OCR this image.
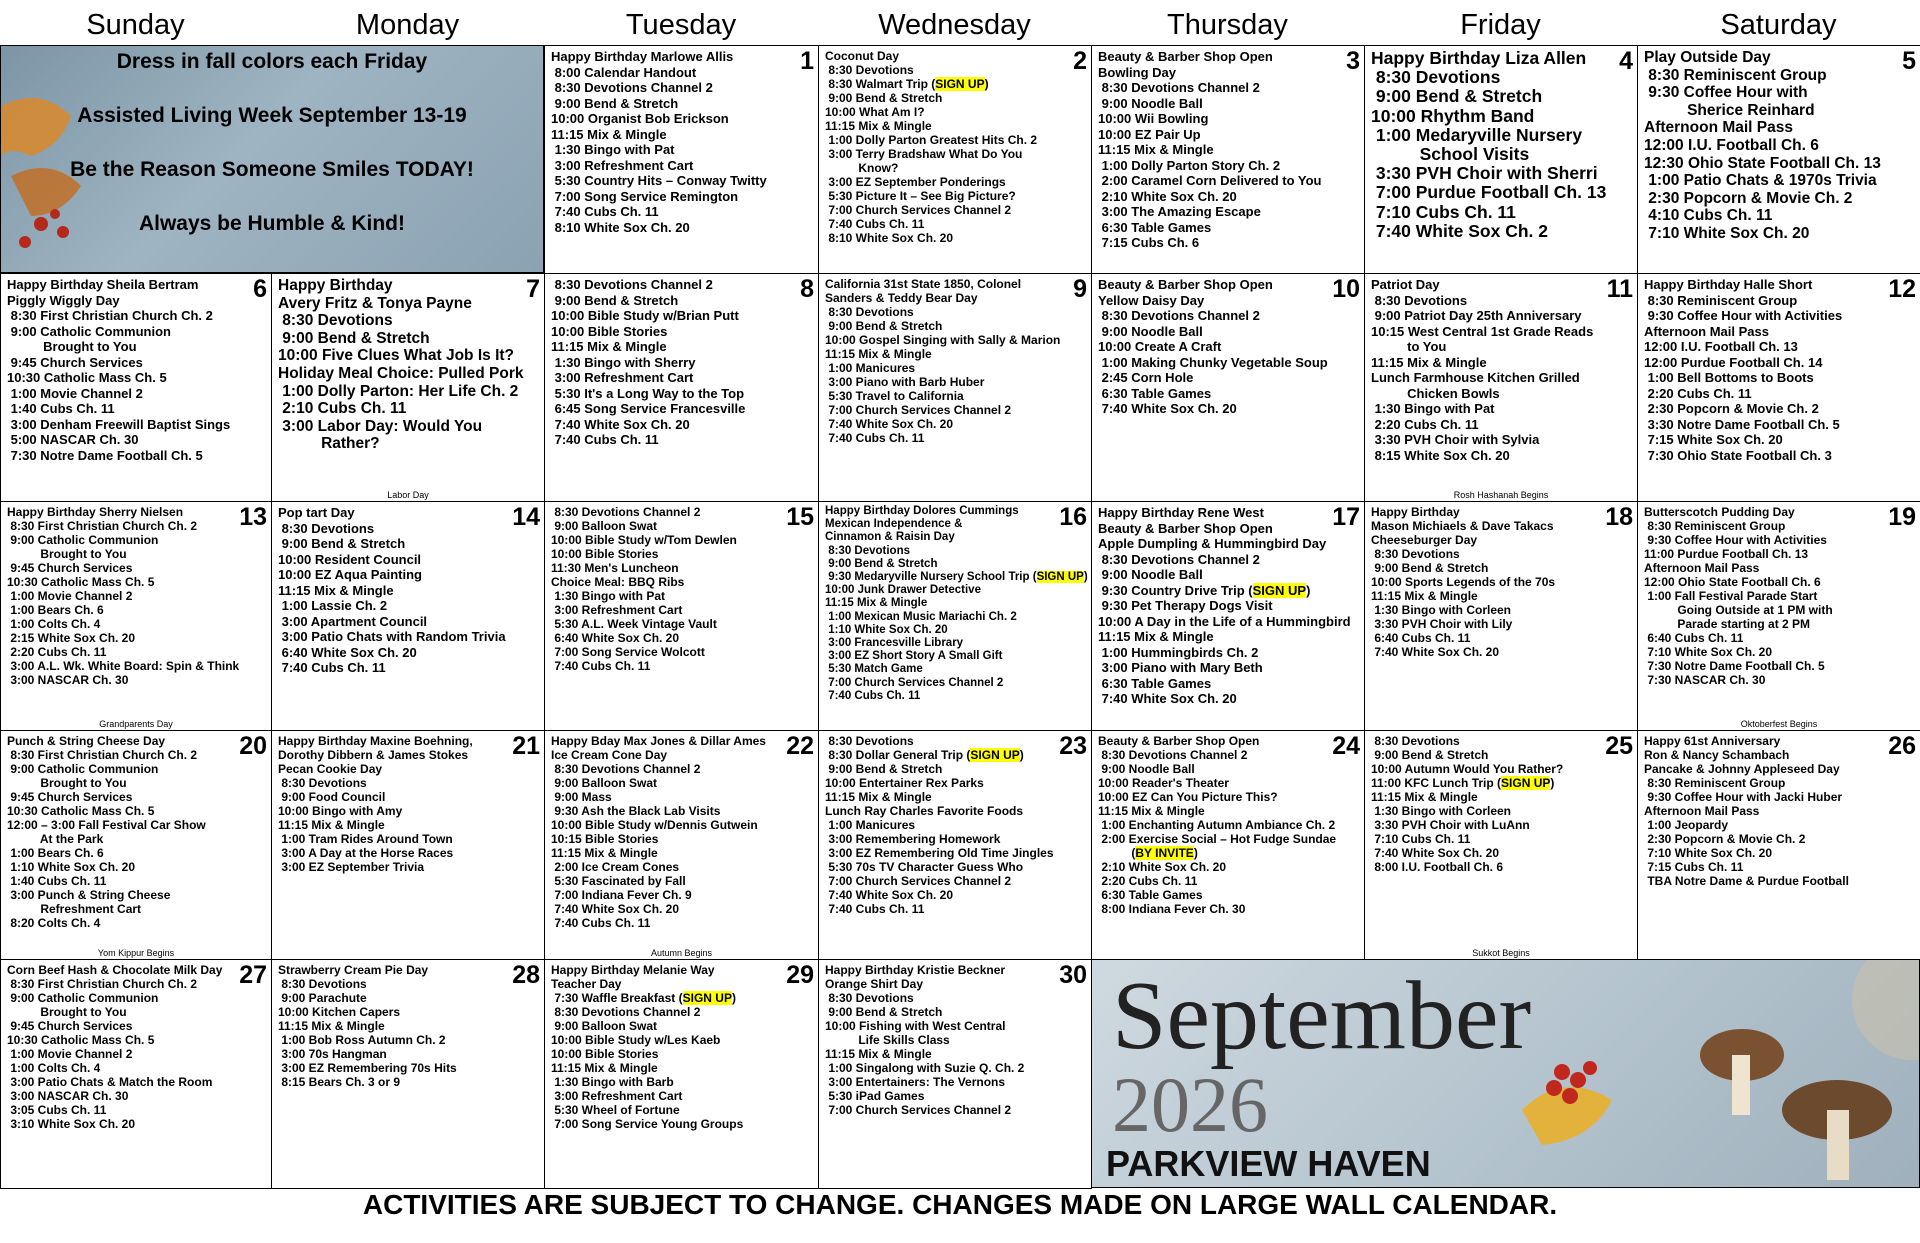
Sunday	Monday	Tuesday	Wednesday	Thursday	Friday	Saturday
Dress in fall colors each Friday
Assisted Living Week September 13-19
Be the Reason Someone Smiles TODAY!
Always be Humble & Kind!
1
Happy Birthday Marlowe Allis
8:00 Calendar Handout
8:30 Devotions Channel 2
9:00 Bend & Stretch
10:00 Organist Bob Erickson
11:15 Mix & Mingle
1:30 Bingo with Pat
3:00 Refreshment Cart
5:30 Country Hits – Conway Twitty
7:00 Song Service Remington
7:40 Cubs Ch. 11
8:10 White Sox Ch. 20
2
Coconut Day
8:30 Devotions
8:30 Walmart Trip (SIGN UP)
9:00 Bend & Stretch
10:00 What Am I?
11:15 Mix & Mingle
1:00 Dolly Parton Greatest Hits Ch. 2
3:00 Terry Bradshaw What Do You
Know?
3:00 EZ September Ponderings
5:30 Picture It – See Big Picture?
7:00 Church Services Channel 2
7:40 Cubs Ch. 11
8:10 White Sox Ch. 20
3
Beauty & Barber Shop Open
Bowling Day
8:30 Devotions Channel 2
9:00 Noodle Ball
10:00 Wii Bowling
10:00 EZ Pair Up
11:15 Mix & Mingle
1:00 Dolly Parton Story Ch. 2
2:00 Caramel Corn Delivered to You
2:10 White Sox Ch. 20
3:00 The Amazing Escape
6:30 Table Games
7:15 Cubs Ch. 6
4
Happy Birthday Liza Allen
8:30 Devotions
9:00 Bend & Stretch
10:00 Rhythm Band
1:00 Medaryville Nursery
School Visits
3:30 PVH Choir with Sherri
7:00 Purdue Football Ch. 13
7:10 Cubs Ch. 11
7:40 White Sox Ch. 2
5
Play Outside Day
8:30 Reminiscent Group
9:30 Coffee Hour with
Sherice Reinhard
Afternoon Mail Pass
12:00 I.U. Football Ch. 6
12:30 Ohio State Football Ch. 13
1:00 Patio Chats & 1970s Trivia
2:30 Popcorn & Movie Ch. 2
4:10 Cubs Ch. 11
7:10 White Sox Ch. 20
6
Happy Birthday Sheila Bertram
Piggly Wiggly Day
8:30 First Christian Church Ch. 2
9:00 Catholic Communion
Brought to You
9:45 Church Services
10:30 Catholic Mass Ch. 5
1:00 Movie Channel 2
1:40 Cubs Ch. 11
3:00 Denham Freewill Baptist Sings
5:00 NASCAR Ch. 30
7:30 Notre Dame Football Ch. 5
7
Happy Birthday
Avery Fritz & Tonya Payne
8:30 Devotions
9:00 Bend & Stretch
10:00 Five Clues What Job Is It?
Holiday Meal Choice: Pulled Pork
1:00 Dolly Parton: Her Life Ch. 2
2:10 Cubs Ch. 11
3:00 Labor Day: Would You
Rather?
Labor Day
8
8:30 Devotions Channel 2
9:00 Bend & Stretch
10:00 Bible Study w/Brian Putt
10:00 Bible Stories
11:15 Mix & Mingle
1:30 Bingo with Sherry
3:00 Refreshment Cart
5:30 It's a Long Way to the Top
6:45 Song Service Francesville
7:40 White Sox Ch. 20
7:40 Cubs Ch. 11
9
California 31st State 1850, Colonel
Sanders & Teddy Bear Day
8:30 Devotions
9:00 Bend & Stretch
10:00 Gospel Singing with Sally & Marion
11:15 Mix & Mingle
1:00 Manicures
3:00 Piano with Barb Huber
5:30 Travel to California
7:00 Church Services Channel 2
7:40 White Sox Ch. 20
7:40 Cubs Ch. 11
10
Beauty & Barber Shop Open
Yellow Daisy Day
8:30 Devotions Channel 2
9:00 Noodle Ball
10:00 Create A Craft
1:00 Making Chunky Vegetable Soup
2:45 Corn Hole
6:30 Table Games
7:40 White Sox Ch. 20
11
Patriot Day
8:30 Devotions
9:00 Patriot Day 25th Anniversary
10:15 West Central 1st Grade Reads
to You
11:15 Mix & Mingle
Lunch Farmhouse Kitchen Grilled
Chicken Bowls
1:30 Bingo with Pat
2:20 Cubs Ch. 11
3:30 PVH Choir with Sylvia
8:15 White Sox Ch. 20
Rosh Hashanah Begins
12
Happy Birthday Halle Short
8:30 Reminiscent Group
9:30 Coffee Hour with Activities
Afternoon Mail Pass
12:00 I.U. Football Ch. 13
12:00 Purdue Football Ch. 14
1:00 Bell Bottoms to Boots
2:20 Cubs Ch. 11
2:30 Popcorn & Movie Ch. 2
3:30 Notre Dame Football Ch. 5
7:15 White Sox Ch. 20
7:30 Ohio State Football Ch. 3
13
Happy Birthday Sherry Nielsen
8:30 First Christian Church Ch. 2
9:00 Catholic Communion
Brought to You
9:45 Church Services
10:30 Catholic Mass Ch. 5
1:00 Movie Channel 2
1:00 Bears Ch. 6
1:00 Colts Ch. 4
2:15 White Sox Ch. 20
2:20 Cubs Ch. 11
3:00 A.L. Wk. White Board: Spin & Think
3:00 NASCAR Ch. 30
Grandparents Day
14
Pop tart Day
8:30 Devotions
9:00 Bend & Stretch
10:00 Resident Council
10:00 EZ Aqua Painting
11:15 Mix & Mingle
1:00 Lassie Ch. 2
3:00 Apartment Council
3:00 Patio Chats with Random Trivia
6:40 White Sox Ch. 20
7:40 Cubs Ch. 11
15
8:30 Devotions Channel 2
9:00 Balloon Swat
10:00 Bible Study w/Tom Dewlen
10:00 Bible Stories
11:30 Men's Luncheon
Choice Meal: BBQ Ribs
1:30 Bingo with Pat
3:00 Refreshment Cart
5:30 A.L. Week Vintage Vault
6:40 White Sox Ch. 20
7:00 Song Service Wolcott
7:40 Cubs Ch. 11
16
Happy Birthday Dolores Cummings
Mexican Independence &
Cinnamon & Raisin Day
8:30 Devotions
9:00 Bend & Stretch
9:30 Medaryville Nursery School Trip (SIGN UP)
10:00 Junk Drawer Detective
11:15 Mix & Mingle
1:00 Mexican Music Mariachi Ch. 2
1:10 White Sox Ch. 20
3:00 Francesville Library
3:00 EZ Short Story A Small Gift
5:30 Match Game
7:00 Church Services Channel 2
7:40 Cubs Ch. 11
17
Happy Birthday Rene West
Beauty & Barber Shop Open
Apple Dumpling & Hummingbird Day
8:30 Devotions Channel 2
9:00 Noodle Ball
9:30 Country Drive Trip (SIGN UP)
9:30 Pet Therapy Dogs Visit
10:00 A Day in the Life of a Hummingbird
11:15 Mix & Mingle
1:00 Hummingbirds Ch. 2
3:00 Piano with Mary Beth
6:30 Table Games
7:40 White Sox Ch. 20
18
Happy Birthday
Mason Michiaels & Dave Takacs
Cheeseburger Day
8:30 Devotions
9:00 Bend & Stretch
10:00 Sports Legends of the 70s
11:15 Mix & Mingle
1:30 Bingo with Corleen
3:30 PVH Choir with Lily
6:40 Cubs Ch. 11
7:40 White Sox Ch. 20
19
Butterscotch Pudding Day
8:30 Reminiscent Group
9:30 Coffee Hour with Activities
11:00 Purdue Football Ch. 13
Afternoon Mail Pass
12:00 Ohio State Football Ch. 6
1:00 Fall Festival Parade Start
Going Outside at 1 PM with
Parade starting at 2 PM
6:40 Cubs Ch. 11
7:10 White Sox Ch. 20
7:30 Notre Dame Football Ch. 5
7:30 NASCAR Ch. 30
Oktoberfest Begins
20
Punch & String Cheese Day
8:30 First Christian Church Ch. 2
9:00 Catholic Communion
Brought to You
9:45 Church Services
10:30 Catholic Mass Ch. 5
12:00 – 3:00 Fall Festival Car Show
At the Park
1:00 Bears Ch. 6
1:10 White Sox Ch. 20
1:40 Cubs Ch. 11
3:00 Punch & String Cheese
Refreshment Cart
8:20 Colts Ch. 4
Yom Kippur Begins
21
Happy Birthday Maxine Boehning,
Dorothy Dibbern & James Stokes
Pecan Cookie Day
8:30 Devotions
9:00 Food Council
10:00 Bingo with Amy
11:15 Mix & Mingle
1:00 Tram Rides Around Town
3:00 A Day at the Horse Races
3:00 EZ September Trivia
22
Happy Bday Max Jones & Dillar Ames
Ice Cream Cone Day
8:30 Devotions Channel 2
9:00 Balloon Swat
9:00 Mass
9:30 Ash the Black Lab Visits
10:00 Bible Study w/Dennis Gutwein
10:15 Bible Stories
11:15 Mix & Mingle
2:00 Ice Cream Cones
5:30 Fascinated by Fall
7:00 Indiana Fever Ch. 9
7:40 White Sox Ch. 20
7:40 Cubs Ch. 11
Autumn Begins
23
8:30 Devotions
8:30 Dollar General Trip (SIGN UP)
9:00 Bend & Stretch
10:00 Entertainer Rex Parks
11:15 Mix & Mingle
Lunch Ray Charles Favorite Foods
1:00 Manicures
3:00 Remembering Homework
3:00 EZ Remembering Old Time Jingles
5:30 70s TV Character Guess Who
7:00 Church Services Channel 2
7:40 White Sox Ch. 20
7:40 Cubs Ch. 11
24
Beauty & Barber Shop Open
8:30 Devotions Channel 2
9:00 Noodle Ball
10:00 Reader's Theater
10:00 EZ Can You Picture This?
11:15 Mix & Mingle
1:00 Enchanting Autumn Ambiance Ch. 2
2:00 Exercise Social – Hot Fudge Sundae
(BY INVITE)
2:10 White Sox Ch. 20
2:20 Cubs Ch. 11
6:30 Table Games
8:00 Indiana Fever Ch. 30
25
8:30 Devotions
9:00 Bend & Stretch
10:00 Autumn Would You Rather?
11:00 KFC Lunch Trip (SIGN UP)
11:15 Mix & Mingle
1:30 Bingo with Corleen
3:30 PVH Choir with LuAnn
7:10 Cubs Ch. 11
7:40 White Sox Ch. 20
8:00 I.U. Football Ch. 6
Sukkot Begins
26
Happy 61st Anniversary
Ron & Nancy Schambach
Pancake & Johnny Appleseed Day
8:30 Reminiscent Group
9:30 Coffee Hour with Jacki Huber
Afternoon Mail Pass
1:00 Jeopardy
2:30 Popcorn & Movie Ch. 2
7:10 White Sox Ch. 20
7:15 Cubs Ch. 11
TBA Notre Dame & Purdue Football
27
Corn Beef Hash & Chocolate Milk Day
8:30 First Christian Church Ch. 2
9:00 Catholic Communion
Brought to You
9:45 Church Services
10:30 Catholic Mass Ch. 5
1:00 Movie Channel 2
1:00 Colts Ch. 4
3:00 Patio Chats & Match the Room
3:00 NASCAR Ch. 30
3:05 Cubs Ch. 11
3:10 White Sox Ch. 20
28
Strawberry Cream Pie Day
8:30 Devotions
9:00 Parachute
10:00 Kitchen Capers
11:15 Mix & Mingle
1:00 Bob Ross Autumn Ch. 2
3:00 70s Hangman
3:00 EZ Remembering 70s Hits
8:15 Bears Ch. 3 or 9
29
Happy Birthday Melanie Way
Teacher Day
7:30 Waffle Breakfast (SIGN UP)
8:30 Devotions Channel 2
9:00 Balloon Swat
10:00 Bible Study w/Les Kaeb
10:00 Bible Stories
11:15 Mix & Mingle
1:30 Bingo with Barb
3:00 Refreshment Cart
5:30 Wheel of Fortune
7:00 Song Service Young Groups
30
Happy Birthday Kristie Beckner
Orange Shirt Day
8:30 Devotions
9:00 Bend & Stretch
10:00 Fishing with West Central
Life Skills Class
11:15 Mix & Mingle
1:00 Singalong with Suzie Q. Ch. 2
3:00 Entertainers: The Vernons
5:30 iPad Games
7:00 Church Services Channel 2
September
2026
PARKVIEW HAVEN
ACTIVITIES ARE SUBJECT TO CHANGE. CHANGES MADE ON LARGE WALL CALENDAR.
